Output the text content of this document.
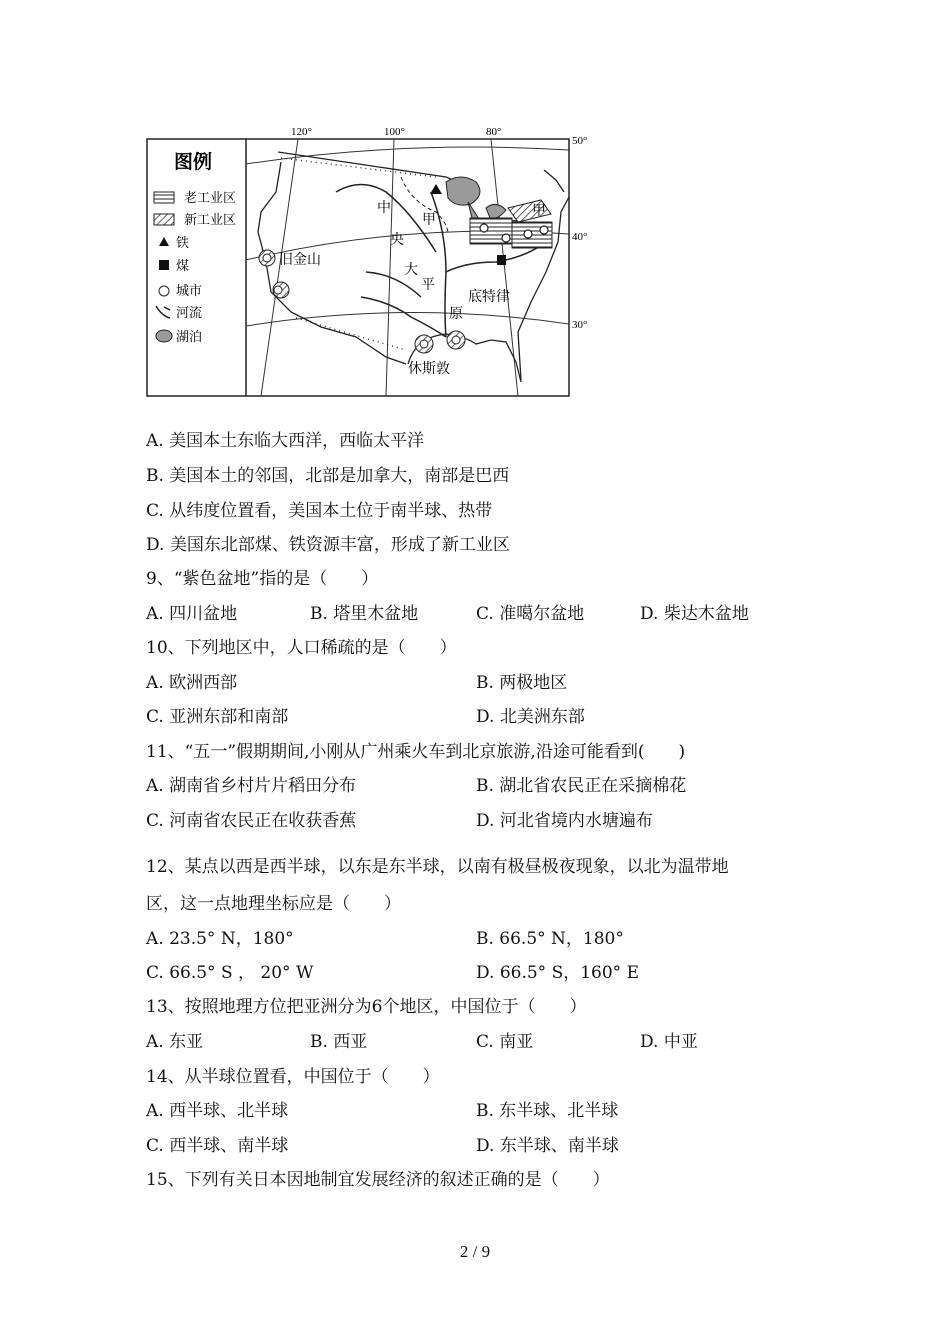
图例
老工业区
新工业区
铁
煤
城市
河流
湖泊
120°	100°	80°
50°
40°
30°
甲
甲
中
央
大
平
原
旧金山
底特律
休斯敦
A. 美国本土东临大西洋，西临太平洋
B. 美国本土的邻国，北部是加拿大，南部是巴西
C. 从纬度位置看，美国本土位于南半球、热带
D. 美国东北部煤、铁资源丰富，形成了新工业区
9、“紫色盆地”指的是（　　）
A. 四川盆地	B. 塔里木盆地	C. 准噶尔盆地	D. 柴达木盆地
10、下列地区中，人口稀疏的是（　　）
A. 欧洲西部	B. 两极地区
C. 亚洲东部和南部	D. 北美洲东部
11、“五一”假期期间,小刚从广州乘火车到北京旅游,沿途可能看到(　　)
A. 湖南省乡村片片稻田分布	B. 湖北省农民正在采摘棉花
C. 河南省农民正在收获香蕉	D. 河北省境内水塘遍布
12、某点以西是西半球，以东是东半球，以南有极昼极夜现象，以北为温带地
区，这一点地理坐标应是（　　）
A. 23.5° N，180°	B. 66.5° N，180°
C. 66.5° S ， 20° W	D. 66.5° S，160° E
13、按照地理方位把亚洲分为6个地区，中国位于（　　）
A. 东亚	B. 西亚	C. 南亚	D. 中亚
14、从半球位置看，中国位于（　　）
A. 西半球、北半球	B. 东半球、北半球
C. 西半球、南半球	D. 东半球、南半球
15、下列有关日本因地制宜发展经济的叙述正确的是（　　）
2 / 9
